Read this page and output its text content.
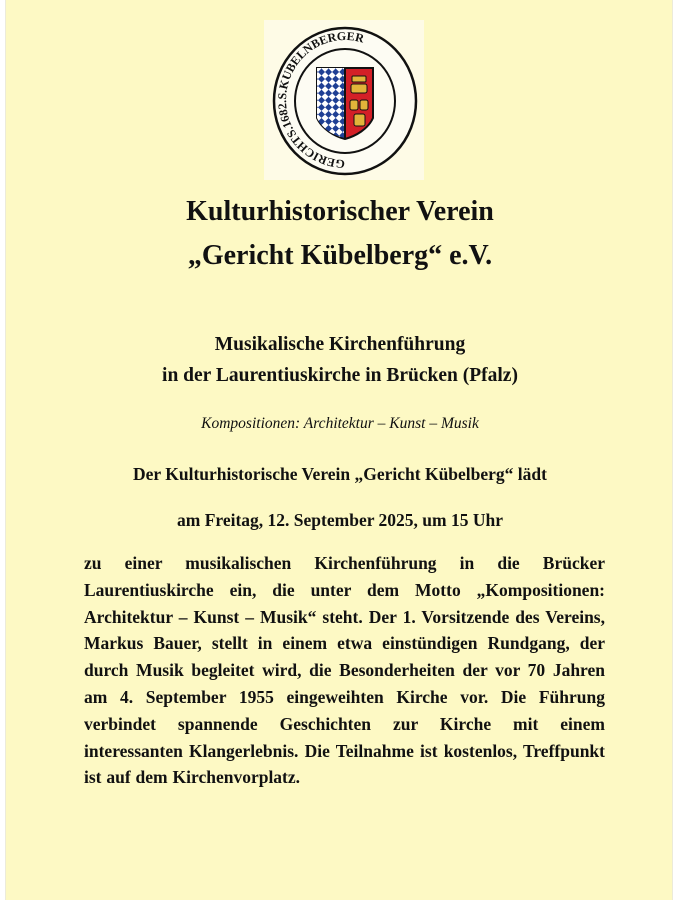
GERICHTS.1682.S.KUBELNBERGER
Kulturhistorischer Verein
„Gericht Kübelberg“ e.V.
Musikalische Kirchenführung
in der Laurentiuskirche in Brücken (Pfalz)
Kompositionen: Architektur – Kunst – Musik
Der Kulturhistorische Verein „Gericht Kübelberg“ lädt
am Freitag, 12. September 2025, um 15 Uhr

zu einer musikalischen Kirchenführung in die Brücker Laurentiuskirche ein, die unter dem Motto „Kompositionen: Architektur – Kunst – Musik“ steht. Der 1. Vorsitzende des Vereins, Markus Bauer, stellt in einem etwa einstündigen Rundgang, der durch Musik begleitet wird, die Besonderheiten der vor 70 Jahren am 4. September 1955 eingeweihten Kirche vor. Die Führung verbindet spannende Geschichten zur Kirche mit einem interessanten Klangerlebnis. Die Teilnahme ist kostenlos, Treffpunkt ist auf dem Kirchenvorplatz.
